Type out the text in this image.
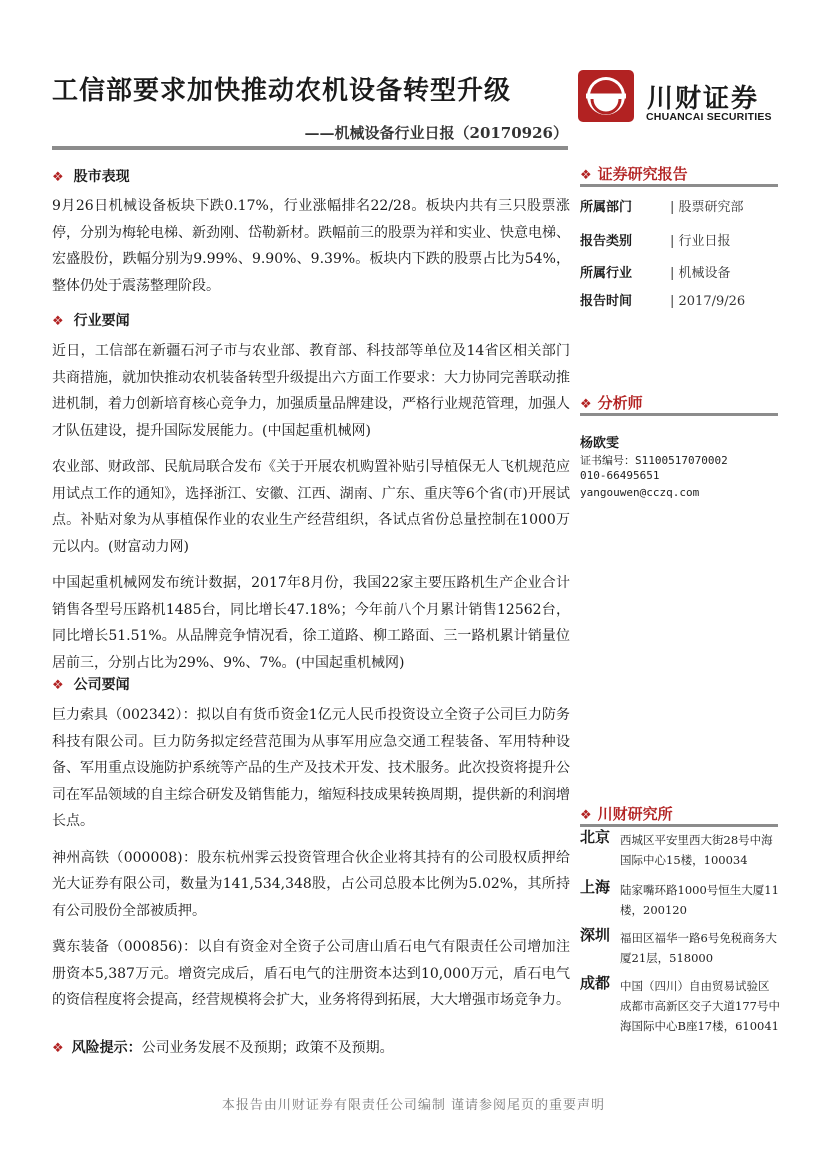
工信部要求加快推动农机设备转型升级
——机械设备行业日报（20170926）
川财证券
CHUANCAI SECURITIES
❖ 股市表现
9月26日机械设备板块下跌0.17%，行业涨幅排名22/28。板块内共有三只股票涨停，分别为梅轮电梯、新劲刚、岱勒新材。跌幅前三的股票为祥和实业、快意电梯、宏盛股份，跌幅分别为9.99%、9.90%、9.39%。板块内下跌的股票占比为54%，整体仍处于震荡整理阶段。
❖ 行业要闻
近日，工信部在新疆石河子市与农业部、教育部、科技部等单位及14省区相关部门共商措施，就加快推动农机装备转型升级提出六方面工作要求：大力协同完善联动推进机制，着力创新培育核心竞争力，加强质量品牌建设，严格行业规范管理，加强人才队伍建设，提升国际发展能力。(中国起重机械网)
农业部、财政部、民航局联合发布《关于开展农机购置补贴引导植保无人飞机规范应用试点工作的通知》，选择浙江、安徽、江西、湖南、广东、重庆等6个省(市)开展试点。补贴对象为从事植保作业的农业生产经营组织，各试点省份总量控制在1000万元以内。(财富动力网)
中国起重机械网发布统计数据，2017年8月份，我国22家主要压路机生产企业合计销售各型号压路机1485台，同比增长47.18%；今年前八个月累计销售12562台，同比增长51.51%。从品牌竞争情况看，徐工道路、柳工路面、三一路机累计销量位居前三，分别占比为29%、9%、7%。(中国起重机械网)
❖ 公司要闻
巨力索具（002342）：拟以自有货币资金1亿元人民币投资设立全资子公司巨力防务科技有限公司。巨力防务拟定经营范围为从事军用应急交通工程装备、军用特种设备、军用重点设施防护系统等产品的生产及技术开发、技术服务。此次投资将提升公司在军品领域的自主综合研发及销售能力，缩短科技成果转换周期，提供新的利润增长点。
神州高铁（000008)：股东杭州霁云投资管理合伙企业将其持有的公司股权质押给光大证券有限公司，数量为141,534,348股，占公司总股本比例为5.02%，其所持有公司股份全部被质押。
冀东装备（000856)：以自有资金对全资子公司唐山盾石电气有限责任公司增加注册资本5,387万元。增资完成后，盾石电气的注册资本达到10,000万元，盾石电气的资信程度将会提高，经营规模将会扩大，业务将得到拓展，大大增强市场竞争力。
❖ 风险提示：公司业务发展不及预期；政策不及预期。
❖ 证券研究报告
所属部门	| 股票研究部
报告类别	| 行业日报
所属行业	| 机械设备
报告时间	| 2017/9/26
❖ 分析师
杨欧雯
证书编号：S1100517070002
010-66495651
yangouwen@cczq.com
❖ 川财研究所
北京 西城区平安里西大街28号中海国际中心15楼，100034
上海 陆家嘴环路1000号恒生大厦11楼，200120
深圳 福田区福华一路6号免税商务大厦21层，518000
成都 中国（四川）自由贸易试验区成都市高新区交子大道177号中海国际中心B座17楼，610041
本报告由川财证券有限责任公司编制 谨请参阅尾页的重要声明
